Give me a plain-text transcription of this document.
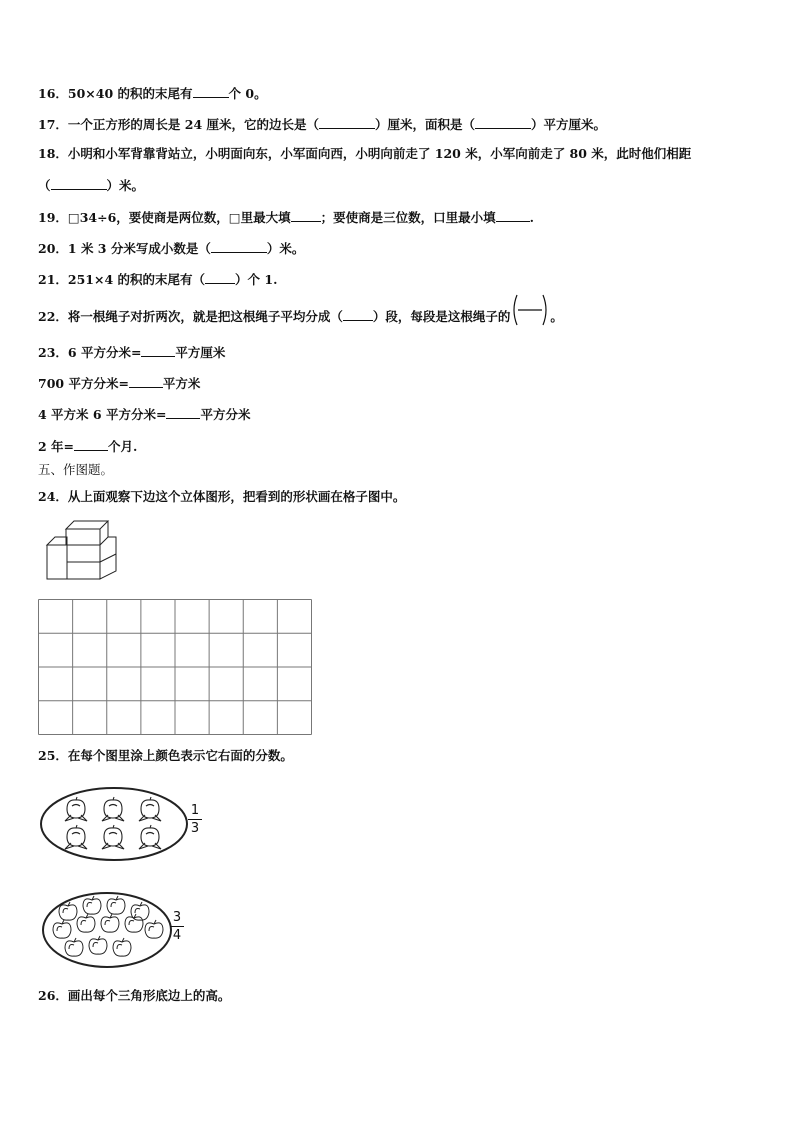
16．50×40 的积的末尾有	个 0。
17．一个正方形的周长是 24 厘米，它的边长是（	）厘米，面积是（	）平方厘米。
18．小明和小军背靠背站立，小明面向东，小军面向西，小明向前走了 120 米，小军向前走了 80 米，此时他们相距
（	）米。
19．□34÷6，要使商是两位数，□里最大填 ；要使商是三位数，口里最小填	.
20．1 米 3 分米写成小数是（	）米。
21．251×4 的积的末尾有（ ）个 1.
22．将一根绳子对折两次，就是把这根绳子平均分成（ ）段，每段是这根绳子的	。
23．6 平方分米=	平方厘米
700 平方分米=	平方米
4 平方米 6 平方分米=	平方分米
2 年=	个月.
五、作图题。
24．从上面观察下边这个立体图形，把看到的形状画在格子图中。
25．在每个图里涂上颜色表示它右面的分数。
1
3
3
4
26．画出每个三角形底边上的高。
